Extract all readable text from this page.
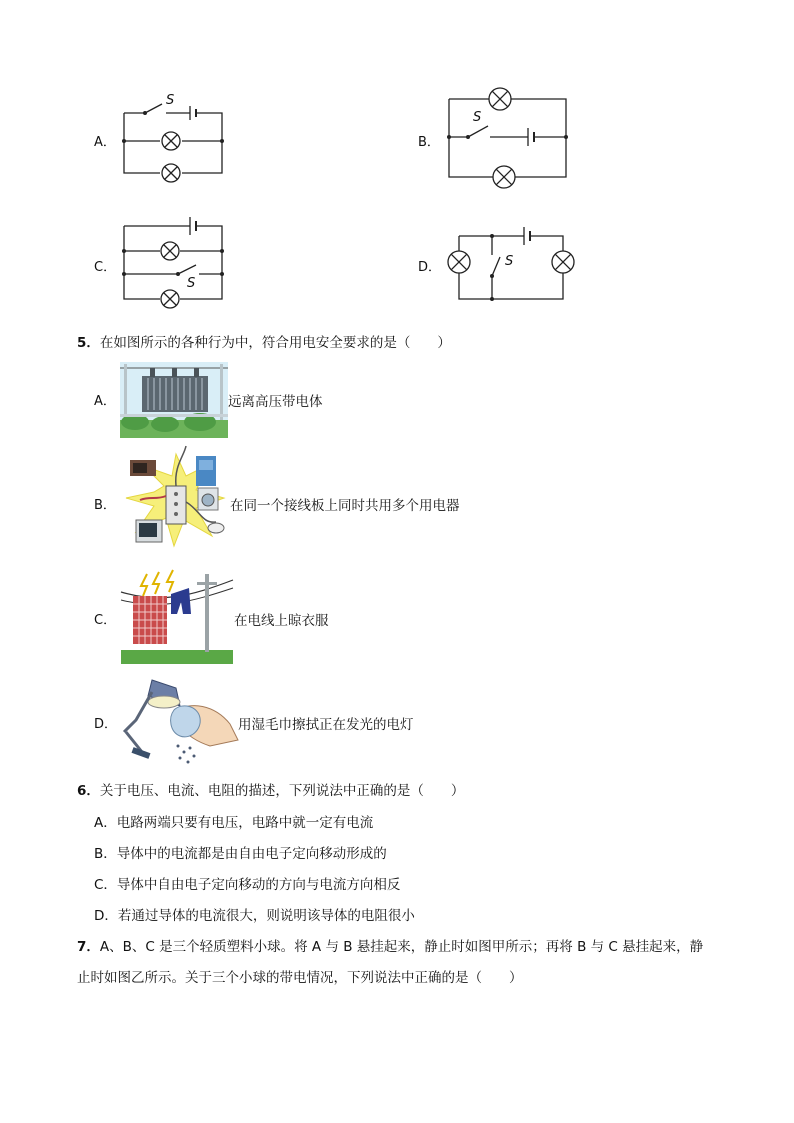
A．
S
B．
S
C．
S
D．	S
5．在如图所示的各种行为中，符合用电安全要求的是（　　）
A．	远离高压带电体
B．	在同一个接线板上同时共用多个用电器
C．	在电线上晾衣服
D．	用湿毛巾擦拭正在发光的电灯
6．关于电压、电流、电阻的描述，下列说法中正确的是（　　）
A．电路两端只要有电压，电路中就一定有电流
B．导体中的电流都是由自由电子定向移动形成的
C．导体中自由电子定向移动的方向与电流方向相反
D．若通过导体的电流很大，则说明该导体的电阻很小
7．A、B、C 是三个轻质塑料小球。将 A 与 B 悬挂起来，静止时如图甲所示；再将 B 与 C 悬挂起来，静
止时如图乙所示。关于三个小球的带电情况，下列说法中正确的是（　　）
